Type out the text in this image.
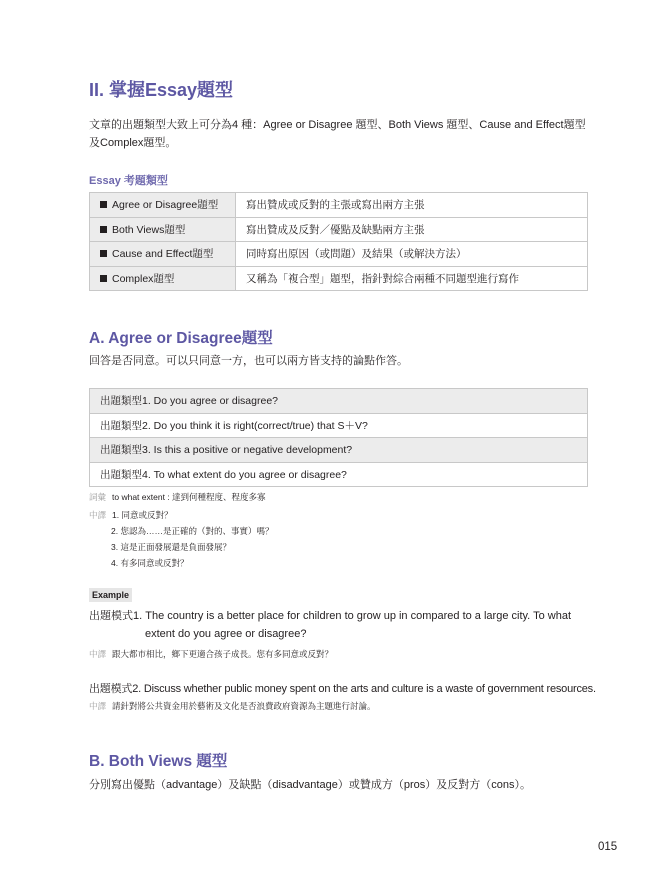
II. 掌握Essay題型
文章的出題類型大致上可分為4 種：Agree or Disagree 題型、Both Views 題型、Cause and Effect題型
及Complex題型。
Essay 考題類型
Agree or Disagree題型	寫出贊成或反對的主張或寫出兩方主張
Both Views題型	寫出贊成及反對／優點及缺點兩方主張
Cause and Effect題型	同時寫出原因（或問題）及結果（或解決方法）
Complex題型	又稱為「複合型」題型，指針對綜合兩種不同題型進行寫作
A. Agree or Disagree題型
回答是否同意。可以只同意一方，也可以兩方皆支持的論點作答。
出題類型1. Do you agree or disagree?
出題類型2. Do you think it is right(correct/true) that S＋V?
出題類型3. Is this a positive or negative development?
出題類型4. To what extent do you agree or disagree?
詞彙 to what extent : 達到何種程度、程度多寡
中譯 1. 同意或反對？
2. 您認為……是正確的（對的、事實）嗎？
3. 這是正面發展還是負面發展？
4. 有多同意或反對？
Example
出題模式1. The country is a better place for children to grow up in compared to a large city. To what
extent do you agree or disagree?
中譯 跟大都市相比，鄉下更適合孩子成長。您有多同意或反對？
出題模式2. Discuss whether public money spent on the arts and culture is a waste of government resources.
中譯 請針對將公共資金用於藝術及文化是否浪費政府資源為主題進行討論。
B. Both Views 題型
分別寫出優點（advantage）及缺點（disadvantage）或贊成方（pros）及反對方（cons）。
015
